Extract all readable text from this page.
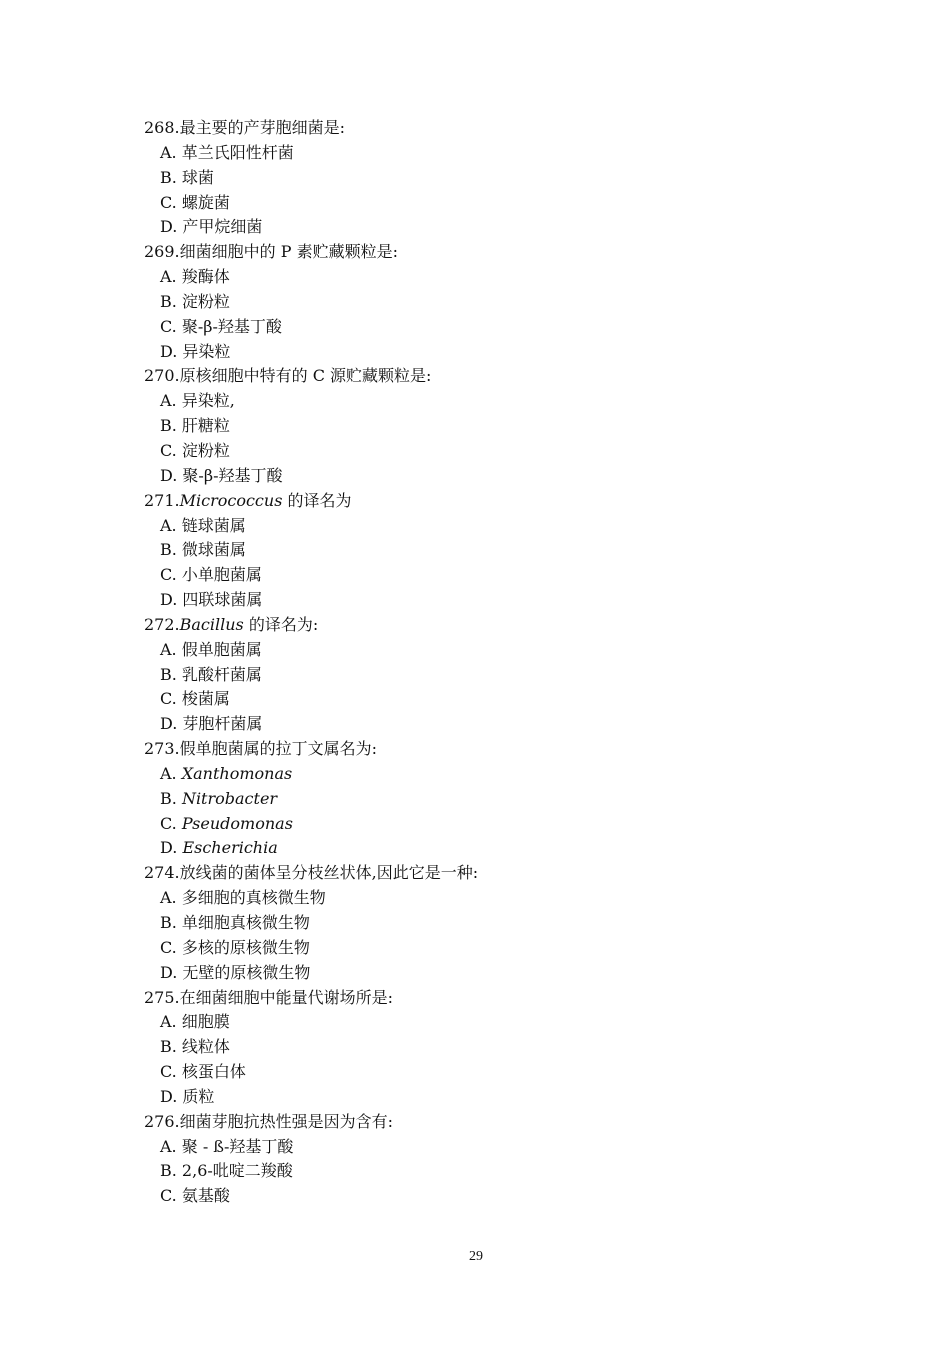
268.最主要的产芽胞细菌是:
A. 革兰氏阳性杆菌
B. 球菌
C. 螺旋菌
D. 产甲烷细菌
269.细菌细胞中的 P 素贮藏颗粒是:
A. 羧酶体
B. 淀粉粒
C. 聚-β-羟基丁酸
D. 异染粒
270.原核细胞中特有的 C 源贮藏颗粒是:
A. 异染粒,
B. 肝糖粒
C. 淀粉粒
D. 聚-β-羟基丁酸
271.Micrococcus 的译名为
A. 链球菌属
B. 微球菌属
C. 小单胞菌属
D. 四联球菌属
272.Bacillus 的译名为:
A. 假单胞菌属
B. 乳酸杆菌属
C. 梭菌属
D. 芽胞杆菌属
273.假单胞菌属的拉丁文属名为:
A. Xanthomonas
B. Nitrobacter
C. Pseudomonas
D. Escherichia
274.放线菌的菌体呈分枝丝状体,因此它是一种:
A. 多细胞的真核微生物
B. 单细胞真核微生物
C. 多核的原核微生物
D. 无壁的原核微生物
275.在细菌细胞中能量代谢场所是:
A. 细胞膜
B. 线粒体
C. 核蛋白体
D. 质粒
276.细菌芽胞抗热性强是因为含有:
A. 聚 - ß-羟基丁酸
B. 2,6-吡啶二羧酸
C. 氨基酸
29
